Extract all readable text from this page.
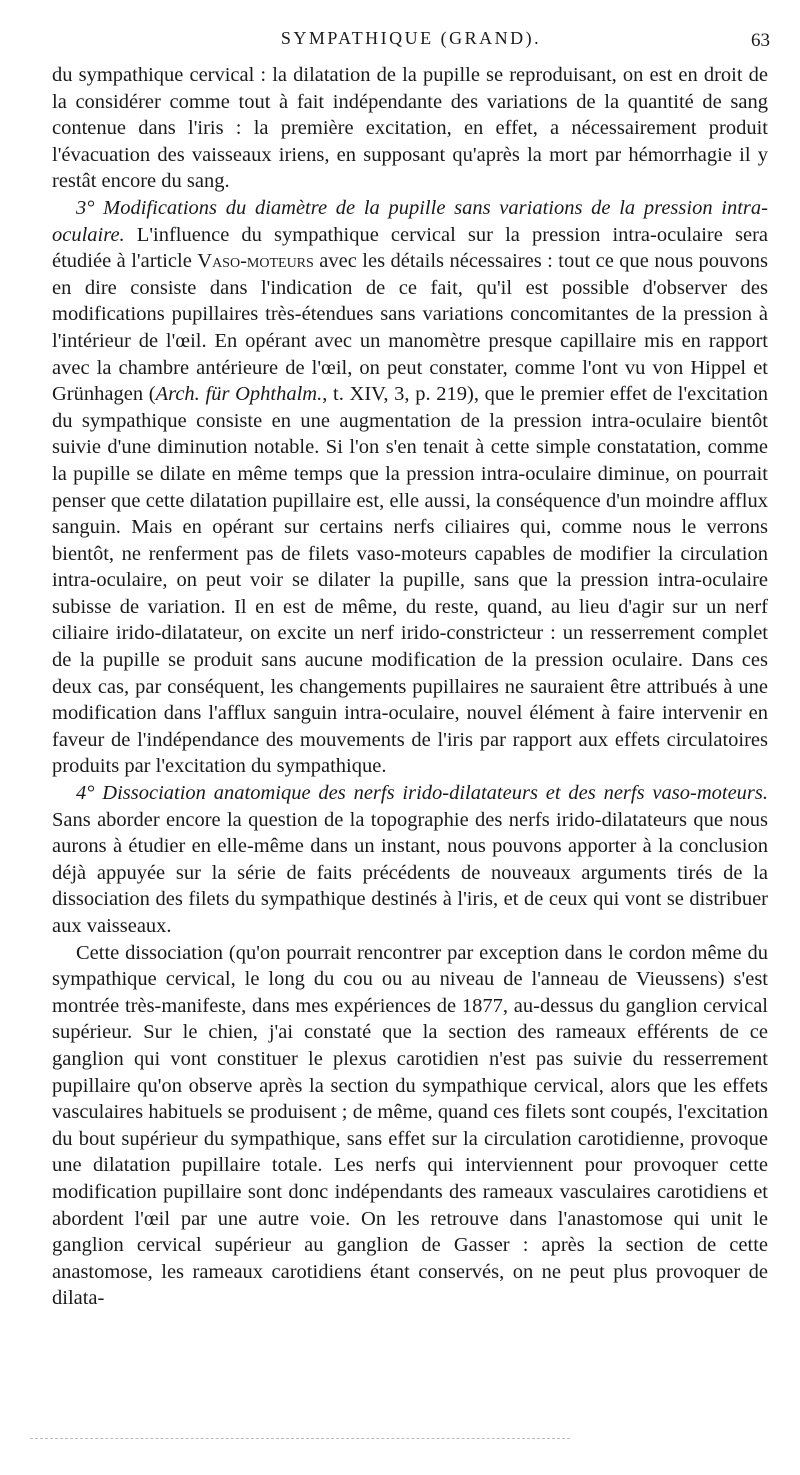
SYMPATHIQUE (GRAND).	63

du sympathique cervical : la dilatation de la pupille se reproduisant, on est en droit de la considérer comme tout à fait indépendante des variations de la quantité de sang contenue dans l'iris : la première excitation, en effet, a nécessairement produit l'évacuation des vaisseaux iriens, en supposant qu'après la mort par hémorrhagie il y restât encore du sang.

3° Modifications du diamètre de la pupille sans variations de la pression intra-oculaire. L'influence du sympathique cervical sur la pression intra-oculaire sera étudiée à l'article Vaso-moteurs avec les détails nécessaires : tout ce que nous pouvons en dire consiste dans l'indication de ce fait, qu'il est possible d'observer des modifications pupillaires très-étendues sans variations concomitantes de la pression à l'intérieur de l'œil. En opérant avec un manomètre presque capillaire mis en rapport avec la chambre antérieure de l'œil, on peut constater, comme l'ont vu von Hippel et Grünhagen (Arch. für Ophthalm., t. XIV, 3, p. 219), que le premier effet de l'excitation du sympathique consiste en une augmentation de la pression intra-oculaire bientôt suivie d'une diminution notable. Si l'on s'en tenait à cette simple constatation, comme la pupille se dilate en même temps que la pression intra-oculaire diminue, on pourrait penser que cette dilatation pupillaire est, elle aussi, la conséquence d'un moindre afflux sanguin. Mais en opérant sur certains nerfs ciliaires qui, comme nous le verrons bientôt, ne renferment pas de filets vaso-moteurs capables de modifier la circulation intra-oculaire, on peut voir se dilater la pupille, sans que la pression intra-oculaire subisse de variation. Il en est de même, du reste, quand, au lieu d'agir sur un nerf ciliaire irido-dilatateur, on excite un nerf irido-constricteur : un resserrement complet de la pupille se produit sans aucune modification de la pression oculaire. Dans ces deux cas, par conséquent, les changements pupillaires ne sauraient être attribués à une modification dans l'afflux sanguin intra-oculaire, nouvel élément à faire intervenir en faveur de l'indépendance des mouvements de l'iris par rapport aux effets circulatoires produits par l'excitation du sympathique.

4° Dissociation anatomique des nerfs irido-dilatateurs et des nerfs vaso-moteurs. Sans aborder encore la question de la topographie des nerfs irido-dilatateurs que nous aurons à étudier en elle-même dans un instant, nous pouvons apporter à la conclusion déjà appuyée sur la série de faits précédents de nouveaux arguments tirés de la dissociation des filets du sympathique destinés à l'iris, et de ceux qui vont se distribuer aux vaisseaux.

Cette dissociation (qu'on pourrait rencontrer par exception dans le cordon même du sympathique cervical, le long du cou ou au niveau de l'anneau de Vieussens) s'est montrée très-manifeste, dans mes expériences de 1877, au-dessus du ganglion cervical supérieur. Sur le chien, j'ai constaté que la section des rameaux efférents de ce ganglion qui vont constituer le plexus carotidien n'est pas suivie du resserrement pupillaire qu'on observe après la section du sympathique cervical, alors que les effets vasculaires habituels se produisent ; de même, quand ces filets sont coupés, l'excitation du bout supérieur du sympathique, sans effet sur la circulation carotidienne, provoque une dilatation pupillaire totale. Les nerfs qui interviennent pour provoquer cette modification pupillaire sont donc indépendants des rameaux vasculaires carotidiens et abordent l'œil par une autre voie. On les retrouve dans l'anastomose qui unit le ganglion cervical supérieur au ganglion de Gasser : après la section de cette anastomose, les rameaux carotidiens étant conservés, on ne peut plus provoquer de dilata-
